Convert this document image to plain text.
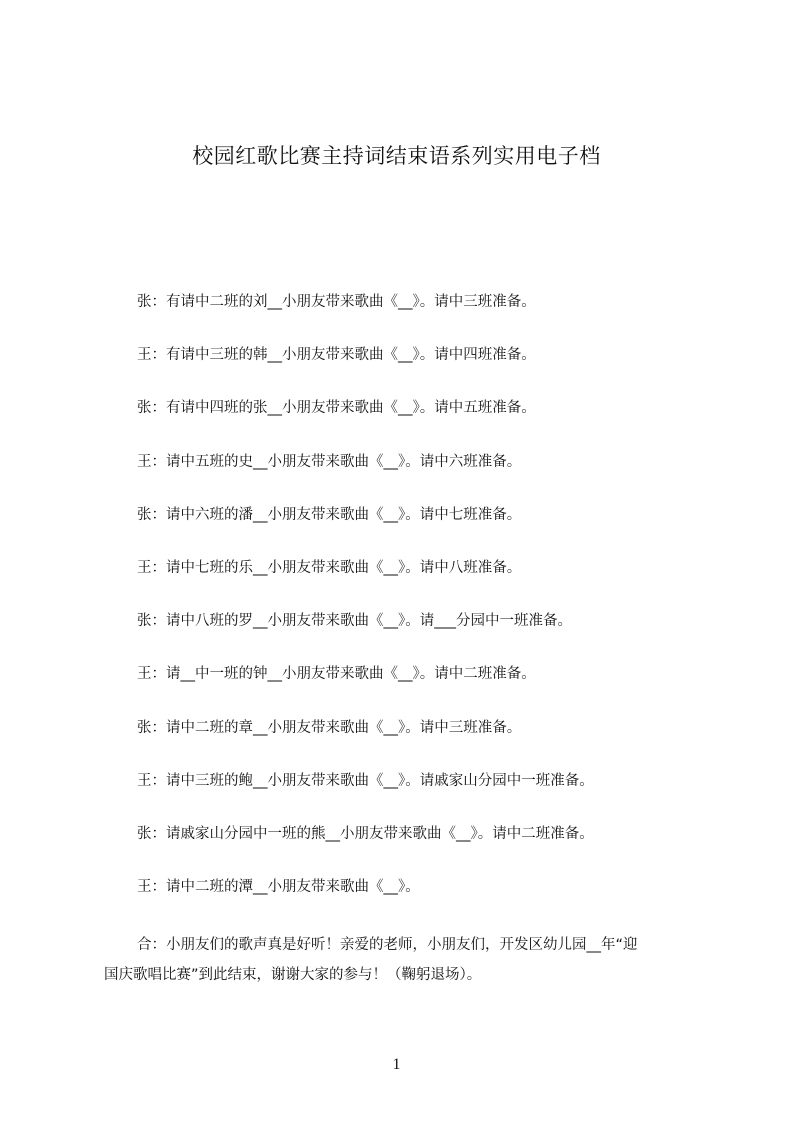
校园红歌比赛主持词结束语系列实用电子档
张：有请中二班的刘__小朋友带来歌曲《__》。请中三班准备。
王：有请中三班的韩__小朋友带来歌曲《__》。请中四班准备。
张：有请中四班的张__小朋友带来歌曲《__》。请中五班准备。
王：请中五班的史__小朋友带来歌曲《__》。请中六班准备。
张：请中六班的潘__小朋友带来歌曲《__》。请中七班准备。
王：请中七班的乐__小朋友带来歌曲《__》。请中八班准备。
张：请中八班的罗__小朋友带来歌曲《__》。请___分园中一班准备。
王：请__中一班的钟__小朋友带来歌曲《__》。请中二班准备。
张：请中二班的章__小朋友带来歌曲《__》。请中三班准备。
王：请中三班的鲍__小朋友带来歌曲《__》。请戚家山分园中一班准备。
张：请戚家山分园中一班的熊__小朋友带来歌曲《__》。请中二班准备。
王：请中二班的潭__小朋友带来歌曲《__》。
合：小朋友们的歌声真是好听！亲爱的老师，小朋友们，开发区幼儿园__年“迎
国庆歌唱比赛”到此结束，谢谢大家的参与！（鞠躬退场）。
1
